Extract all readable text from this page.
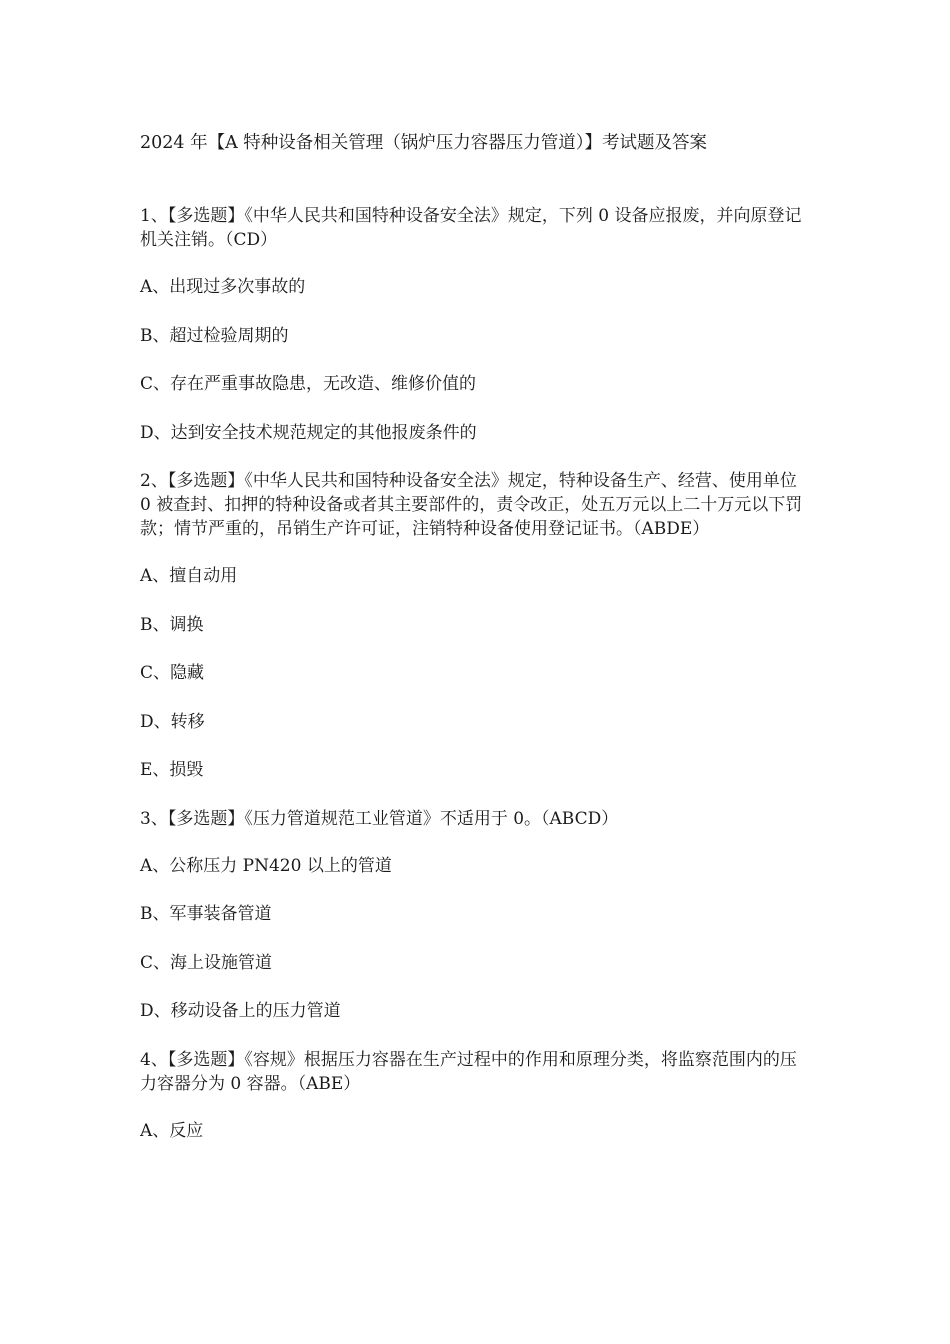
2024 年【A 特种设备相关管理（锅炉压力容器压力管道）】考试题及答案
1、【多选题】《中华人民共和国特种设备安全法》规定，下列 0 设备应报废，并向原登记机关注销。（CD）
A、出现过多次事故的
B、超过检验周期的
C、存在严重事故隐患，无改造、维修价值的
D、达到安全技术规范规定的其他报废条件的
2、【多选题】《中华人民共和国特种设备安全法》规定，特种设备生产、经营、使用单位 0 被查封、扣押的特种设备或者其主要部件的，责令改正，处五万元以上二十万元以下罚款；情节严重的，吊销生产许可证，注销特种设备使用登记证书。（ABDE）
A、擅自动用
B、调换
C、隐藏
D、转移
E、损毁
3、【多选题】《压力管道规范工业管道》不适用于 0。（ABCD）
A、公称压力 PN420 以上的管道
B、军事装备管道
C、海上设施管道
D、移动设备上的压力管道
4、【多选题】《容规》根据压力容器在生产过程中的作用和原理分类，将监察范围内的压力容器分为 0 容器。（ABE）
A、反应
